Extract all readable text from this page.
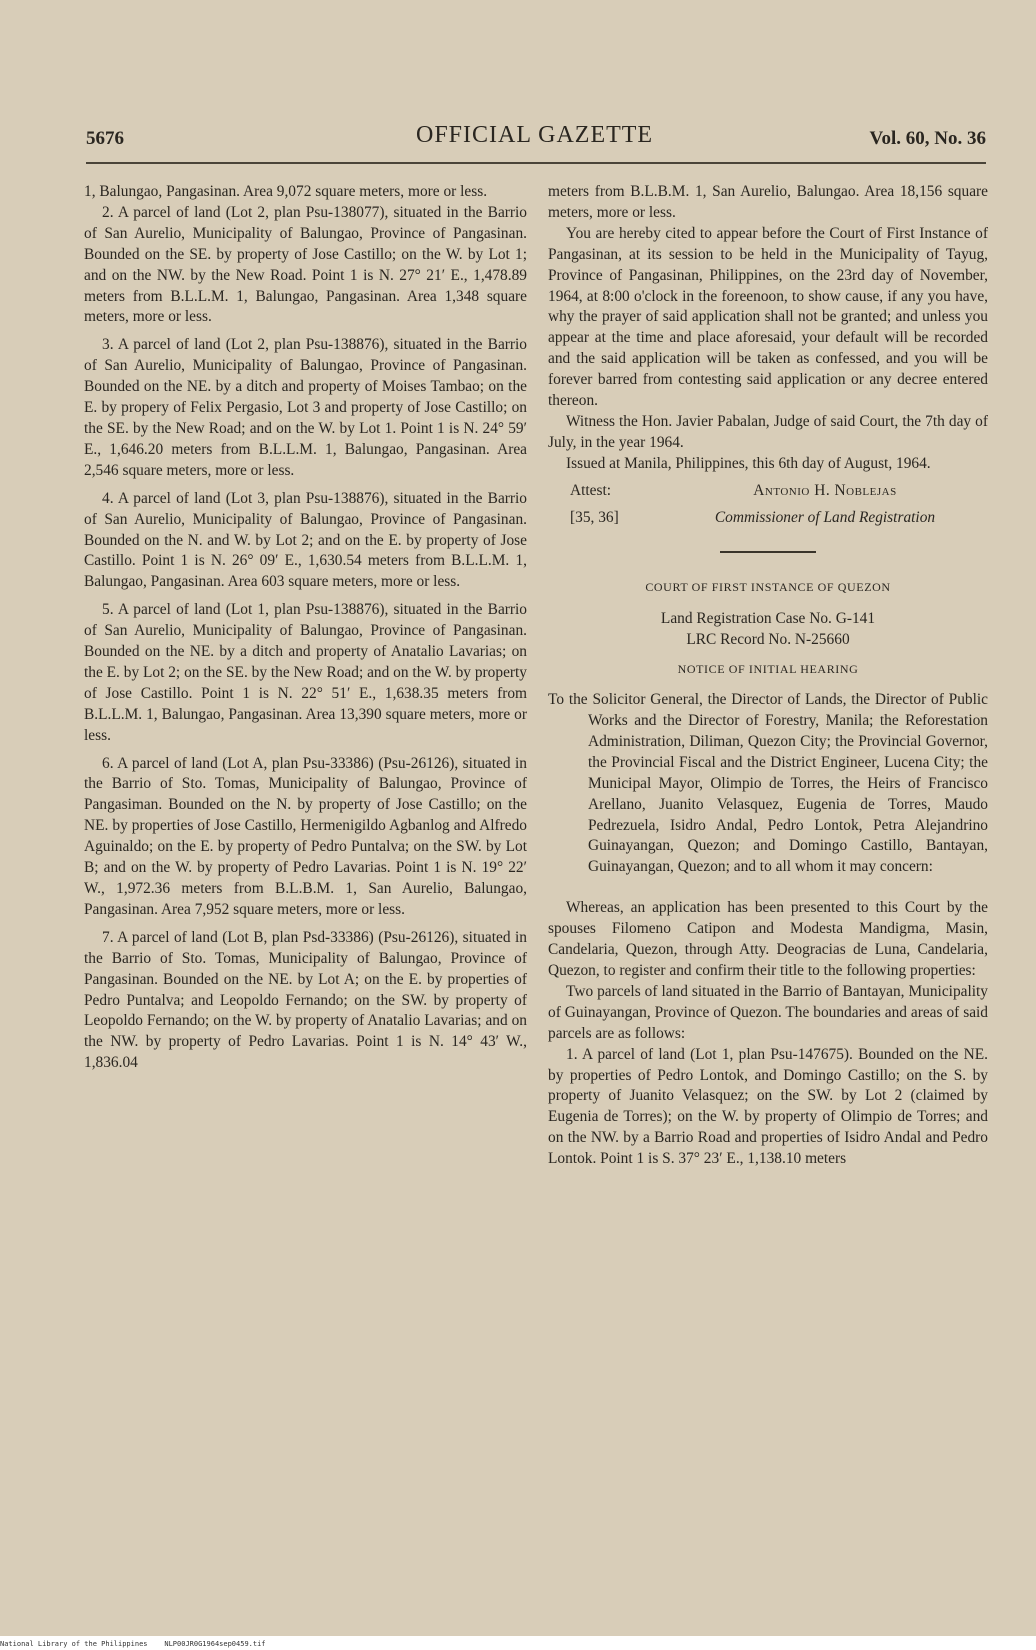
5676	OFFICIAL GAZETTE	Vol. 60, No. 36

1, Balungao, Pangasinan. Area 9,072 square meters, more or less.

2. A parcel of land (Lot 2, plan Psu-138077), situated in the Barrio of San Aurelio, Municipality of Balungao, Province of Pangasinan. Bounded on the SE. by property of Jose Castillo; on the W. by Lot 1; and on the NW. by the New Road. Point 1 is N. 27° 21′ E., 1,478.89 meters from B.L.L.M. 1, Balungao, Pangasinan. Area 1,348 square meters, more or less.

3. A parcel of land (Lot 2, plan Psu-138876), situated in the Barrio of San Aurelio, Municipality of Balungao, Province of Pangasinan. Bounded on the NE. by a ditch and property of Moises Tambao; on the E. by propery of Felix Pergasio, Lot 3 and property of Jose Castillo; on the SE. by the New Road; and on the W. by Lot 1. Point 1 is N. 24° 59′ E., 1,646.20 meters from B.L.L.M. 1, Balungao, Pangasinan. Area 2,546 square meters, more or less.

4. A parcel of land (Lot 3, plan Psu-138876), situated in the Barrio of San Aurelio, Municipality of Balungao, Province of Pangasinan. Bounded on the N. and W. by Lot 2; and on the E. by property of Jose Castillo. Point 1 is N. 26° 09′ E., 1,630.54 meters from B.L.L.M. 1, Balungao, Pangasinan. Area 603 square meters, more or less.

5. A parcel of land (Lot 1, plan Psu-138876), situated in the Barrio of San Aurelio, Municipality of Balungao, Province of Pangasinan. Bounded on the NE. by a ditch and property of Anatalio Lavarias; on the E. by Lot 2; on the SE. by the New Road; and on the W. by property of Jose Castillo. Point 1 is N. 22° 51′ E., 1,638.35 meters from B.L.L.M. 1, Balungao, Pangasinan. Area 13,390 square meters, more or less.

6. A parcel of land (Lot A, plan Psu-33386) (Psu-26126), situated in the Barrio of Sto. Tomas, Municipality of Balungao, Province of Pangasiman. Bounded on the N. by property of Jose Castillo; on the NE. by properties of Jose Castillo, Hermenigildo Agbanlog and Alfredo Aguinaldo; on the E. by property of Pedro Puntalva; on the SW. by Lot B; and on the W. by property of Pedro Lavarias. Point 1 is N. 19° 22′ W., 1,972.36 meters from B.L.B.M. 1, San Aurelio, Balungao, Pangasinan. Area 7,952 square meters, more or less.

7. A parcel of land (Lot B, plan Psd-33386) (Psu-26126), situated in the Barrio of Sto. Tomas, Municipality of Balungao, Province of Pangasinan. Bounded on the NE. by Lot A; on the E. by properties of Pedro Puntalva; and Leopoldo Fernando; on the SW. by property of Leopoldo Fernando; on the W. by property of Anatalio Lavarias; and on the NW. by property of Pedro Lavarias. Point 1 is N. 14° 43′ W., 1,836.04

meters from B.L.B.M. 1, San Aurelio, Balungao. Area 18,156 square meters, more or less.

You are hereby cited to appear before the Court of First Instance of Pangasinan, at its session to be held in the Municipality of Tayug, Province of Pangasinan, Philippines, on the 23rd day of November, 1964, at 8:00 o'clock in the foreenoon, to show cause, if any you have, why the prayer of said application shall not be granted; and unless you appear at the time and place aforesaid, your default will be recorded and the said application will be taken as confessed, and you will be forever barred from contesting said application or any decree entered thereon.

Witness the Hon. Javier Pabalan, Judge of said Court, the 7th day of July, in the year 1964.

Issued at Manila, Philippines, this 6th day of August, 1964.

Attest:	Antonio H. Noblejas
[35, 36]	Commissioner of Land Registration

COURT OF FIRST INSTANCE OF QUEZON

Land Registration Case No. G-141

LRC Record No. N-25660

NOTICE OF INITIAL HEARING

To the Solicitor General, the Director of Lands, the Director of Public Works and the Director of Forestry, Manila; the Reforestation Administration, Diliman, Quezon City; the Provincial Governor, the Provincial Fiscal and the District Engineer, Lucena City; the Municipal Mayor, Olimpio de Torres, the Heirs of Francisco Arellano, Juanito Velasquez, Eugenia de Torres, Maudo Pedrezuela, Isidro Andal, Pedro Lontok, Petra Alejandrino Guinayangan, Quezon; and Domingo Castillo, Bantayan, Guinayangan, Quezon; and to all whom it may concern:

Whereas, an application has been presented to this Court by the spouses Filomeno Catipon and Modesta Mandigma, Masin, Candelaria, Quezon, through Atty. Deogracias de Luna, Candelaria, Quezon, to register and confirm their title to the following properties:

Two parcels of land situated in the Barrio of Bantayan, Municipality of Guinayangan, Province of Quezon. The boundaries and areas of said parcels are as follows:

1. A parcel of land (Lot 1, plan Psu-147675). Bounded on the NE. by properties of Pedro Lontok, and Domingo Castillo; on the S. by property of Juanito Velasquez; on the SW. by Lot 2 (claimed by Eugenia de Torres); on the W. by property of Olimpio de Torres; and on the NW. by a Barrio Road and properties of Isidro Andal and Pedro Lontok. Point 1 is S. 37° 23′ E., 1,138.10 meters

National Library of the Philippines NLP00JR0G1964sep0459.tif
